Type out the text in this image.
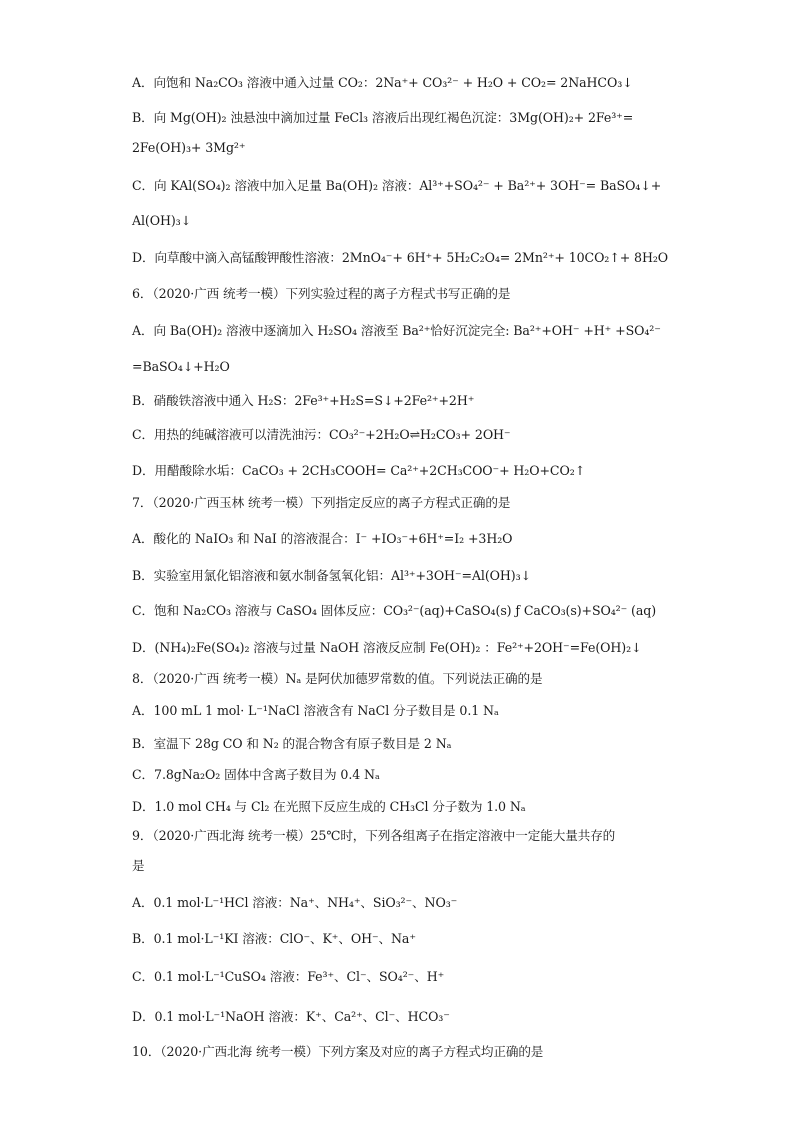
A．向饱和 Na₂CO₃ 溶液中通入过量 CO₂：2Na⁺+ CO₃²⁻ + H₂O + CO₂= 2NaHCO₃↓
B．向 Mg(OH)₂ 浊悬浊中滴加过量 FeCl₃ 溶液后出现红褐色沉淀：3Mg(OH)₂+ 2Fe³⁺=
2Fe(OH)₃+ 3Mg²⁺
C．向 KAl(SO₄)₂ 溶液中加入足量 Ba(OH)₂ 溶液：Al³⁺+SO₄²⁻ + Ba²⁺+ 3OH⁻= BaSO₄↓+
Al(OH)₃↓
D．向草酸中滴入高锰酸钾酸性溶液：2MnO₄⁻+ 6H⁺+ 5H₂C₂O₄= 2Mn²⁺+ 10CO₂↑+ 8H₂O
6．（2020·广西 统考一模）下列实验过程的离子方程式书写正确的是
A．向 Ba(OH)₂ 溶液中逐滴加入 H₂SO₄ 溶液至 Ba²⁺恰好沉淀完全: Ba²⁺+OH⁻ +H⁺ +SO₄²⁻
=BaSO₄↓+H₂O
B．硝酸铁溶液中通入 H₂S：2Fe³⁺+H₂S=S↓+2Fe²⁺+2H⁺
C．用热的纯碱溶液可以清洗油污：CO₃²⁻+2H₂O⇌H₂CO₃+ 2OH⁻
D．用醋酸除水垢：CaCO₃ + 2CH₃COOH= Ca²⁺+2CH₃COO⁻+ H₂O+CO₂↑
7．（2020·广西玉林 统考一模）下列指定反应的离子方程式正确的是
A．酸化的 NaIO₃ 和 NaI 的溶液混合：I⁻ +IO₃⁻+6H⁺=I₂ +3H₂O
B．实验室用氯化铝溶液和氨水制备氢氧化铝：Al³⁺+3OH⁻=Al(OH)₃↓
C．饱和 Na₂CO₃ 溶液与 CaSO₄ 固体反应：CO₃²⁻(aq)+CaSO₄(s) ƒ CaCO₃(s)+SO₄²⁻ (aq)
D．(NH₄)₂Fe(SO₄)₂ 溶液与过量 NaOH 溶液反应制 Fe(OH)₂ ：Fe²⁺+2OH⁻=Fe(OH)₂↓
8．（2020·广西 统考一模）Nₐ 是阿伏加德罗常数的值。下列说法正确的是
A．100 mL 1 mol· L⁻¹NaCl 溶液含有 NaCl 分子数目是 0.1 Nₐ
B．室温下 28g CO 和 N₂ 的混合物含有原子数目是 2 Nₐ
C．7.8gNa₂O₂ 固体中含离子数目为 0.4 Nₐ
D．1.0 mol CH₄ 与 Cl₂ 在光照下反应生成的 CH₃Cl 分子数为 1.0 Nₐ
9．（2020·广西北海 统考一模）25℃时，下列各组离子在指定溶液中一定能大量共存的
是
A．0.1 mol·L⁻¹HCl 溶液：Na⁺、NH₄⁺、SiO₃²⁻、NO₃⁻
B．0.1 mol·L⁻¹KI 溶液：ClO⁻、K⁺、OH⁻、Na⁺
C．0.1 mol·L⁻¹CuSO₄ 溶液：Fe³⁺、Cl⁻、SO₄²⁻、H⁺
D．0.1 mol·L⁻¹NaOH 溶液：K⁺、Ca²⁺、Cl⁻、HCO₃⁻
10．（2020·广西北海 统考一模）下列方案及对应的离子方程式均正确的是
